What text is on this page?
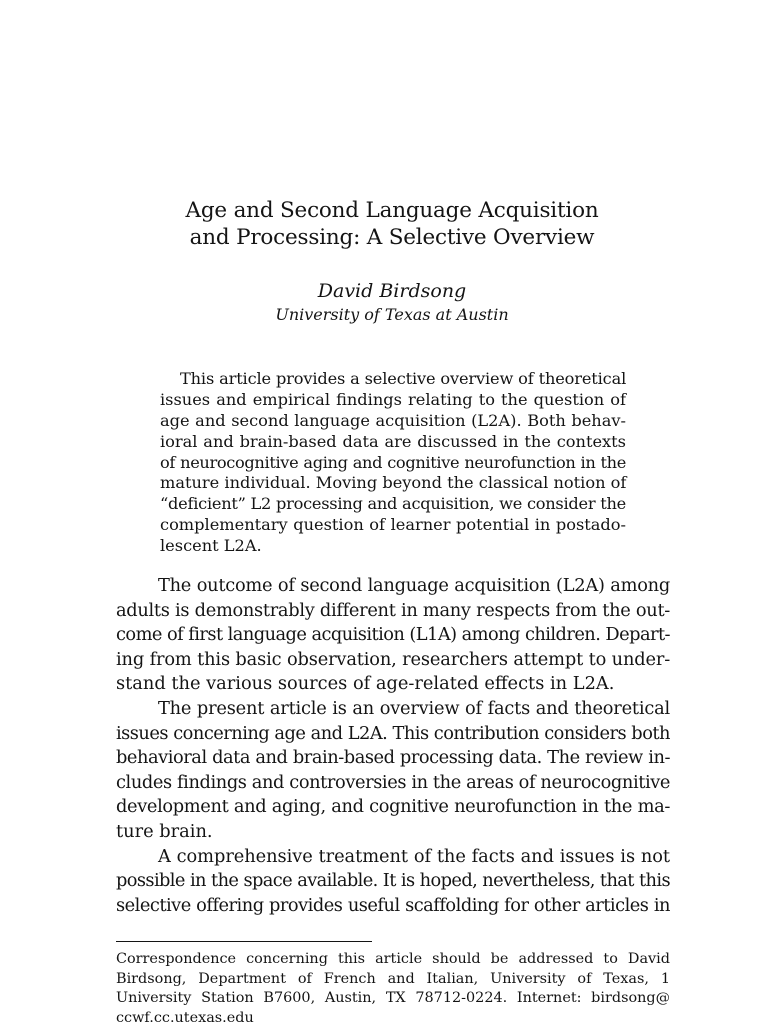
Age and Second Language Acquisition
and Processing: A Selective Overview
David Birdsong
University of Texas at Austin
This article provides a selective overview of theoretical
issues and empirical findings relating to the question of
age and second language acquisition (L2A). Both behav-
ioral and brain-based data are discussed in the contexts
of neurocognitive aging and cognitive neurofunction in the
mature individual. Moving beyond the classical notion of
“deficient” L2 processing and acquisition, we consider the
complementary question of learner potential in postado-
lescent L2A.
The outcome of second language acquisition (L2A) among
adults is demonstrably different in many respects from the out-
come of first language acquisition (L1A) among children. Depart-
ing from this basic observation, researchers attempt to under-
stand the various sources of age-related effects in L2A.
The present article is an overview of facts and theoretical
issues concerning age and L2A. This contribution considers both
behavioral data and brain-based processing data. The review in-
cludes findings and controversies in the areas of neurocognitive
development and aging, and cognitive neurofunction in the ma-
ture brain.
A comprehensive treatment of the facts and issues is not
possible in the space available. It is hoped, nevertheless, that this
selective offering provides useful scaffolding for other articles in
Correspondence concerning this article should be addressed to David
Birdsong, Department of French and Italian, University of Texas, 1
University Station B7600, Austin, TX 78712-0224. Internet: birdsong@
ccwf.cc.utexas.edu
